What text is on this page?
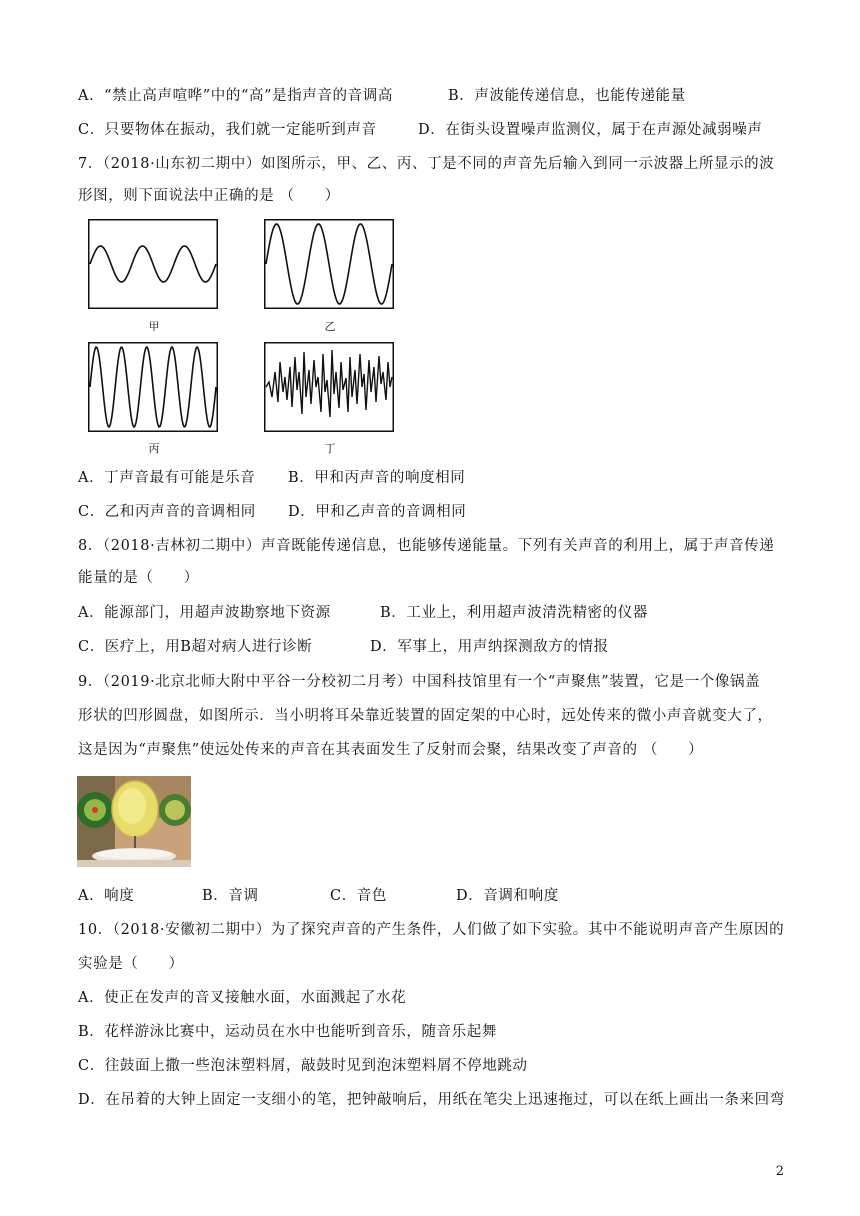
A．“禁止高声喧哗”中的“高”是指声音的音调高	B．声波能传递信息，也能传递能量
C．只要物体在振动，我们就一定能听到声音	D．在街头设置噪声监测仪，属于在声源处减弱噪声
7．（2018·山东初二期中）如图所示，甲、乙、丙、丁是不同的声音先后输入到同一示波器上所显示的波
形图，则下面说法中正确的是 （　　）
甲	乙
丙	丁
A．丁声音最有可能是乐音 B．甲和丙声音的响度相同
C．乙和丙声音的音调相同 D．甲和乙声音的音调相同
8．（2018·吉林初二期中）声音既能传递信息，也能够传递能量。下列有关声音的利用上，属于声音传递
能量的是（　　）
A．能源部门，用超声波勘察地下资源	B．工业上，利用超声波清洗精密的仪器
C．医疗上，用B超对病人进行诊断	D．军事上，用声纳探测敌方的情报
9．（2019·北京北师大附中平谷一分校初二月考）中国科技馆里有一个“声聚焦”装置，它是一个像锅盖
形状的凹形圆盘，如图所示．当小明将耳朵靠近装置的固定架的中心时，远处传来的微小声音就变大了，
这是因为“声聚焦”使远处传来的声音在其表面发生了反射而会聚，结果改变了声音的 （　　）
A．响度	B．音调	C．音色	D．音调和响度
10．（2018·安徽初二期中）为了探究声音的产生条件，人们做了如下实验。其中不能说明声音产生原因的
实验是（　　）
A．使正在发声的音叉接触水面，水面溅起了水花
B．花样游泳比赛中，运动员在水中也能听到音乐，随音乐起舞
C．往鼓面上撒一些泡沫塑料屑，敲鼓时见到泡沫塑料屑不停地跳动
D．在吊着的大钟上固定一支细小的笔，把钟敲响后，用纸在笔尖上迅速拖过，可以在纸上画出一条来回弯
2
